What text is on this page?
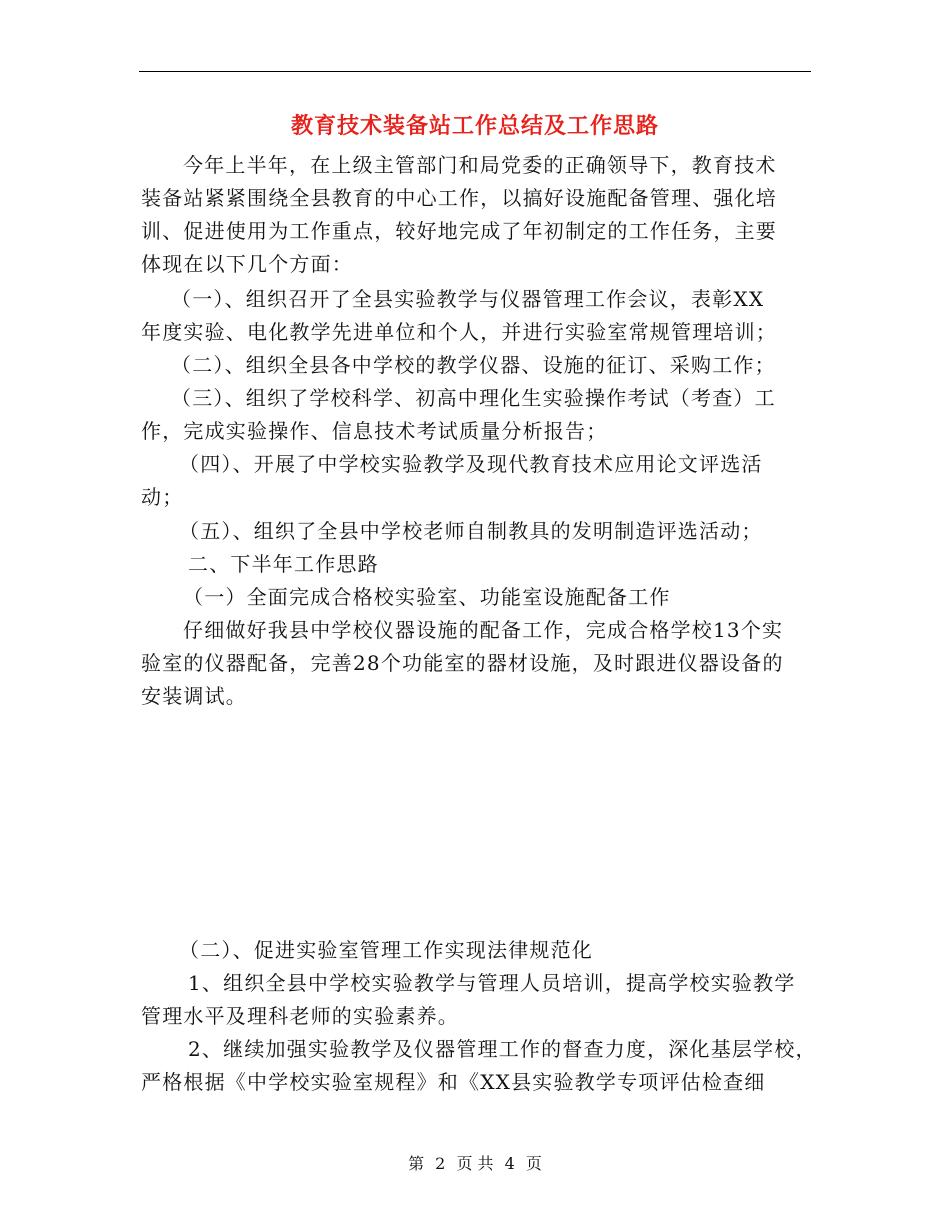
教育技术装备站工作总结及工作思路
今年上半年，在上级主管部门和局党委的正确领导下，教育技术
装备站紧紧围绕全县教育的中心工作，以搞好设施配备管理、强化培
训、促进使用为工作重点，较好地完成了年初制定的工作任务，主要
体现在以下几个方面：
（一）、组织召开了全县实验教学与仪器管理工作会议，表彰XX
年度实验、电化教学先进单位和个人，并进行实验室常规管理培训；
（二）、组织全县各中学校的教学仪器、设施的征订、采购工作；
（三）、组织了学校科学、初高中理化生实验操作考试（考查）工
作，完成实验操作、信息技术考试质量分析报告；
（四）、开展了中学校实验教学及现代教育技术应用论文评选活
动；
（五）、组织了全县中学校老师自制教具的发明制造评选活动；
二、下半年工作思路
（一）全面完成合格校实验室、功能室设施配备工作
仔细做好我县中学校仪器设施的配备工作，完成合格学校13个实
验室的仪器配备，完善28个功能室的器材设施，及时跟进仪器设备的
安装调试。
（二）、促进实验室管理工作实现法律规范化
1、组织全县中学校实验教学与管理人员培训，提高学校实验教学
管理水平及理科老师的实验素养。
2、继续加强实验教学及仪器管理工作的督查力度，深化基层学校，
严格根据《中学校实验室规程》和《XX县实验教学专项评估检查细
第 2 页 共 4 页
